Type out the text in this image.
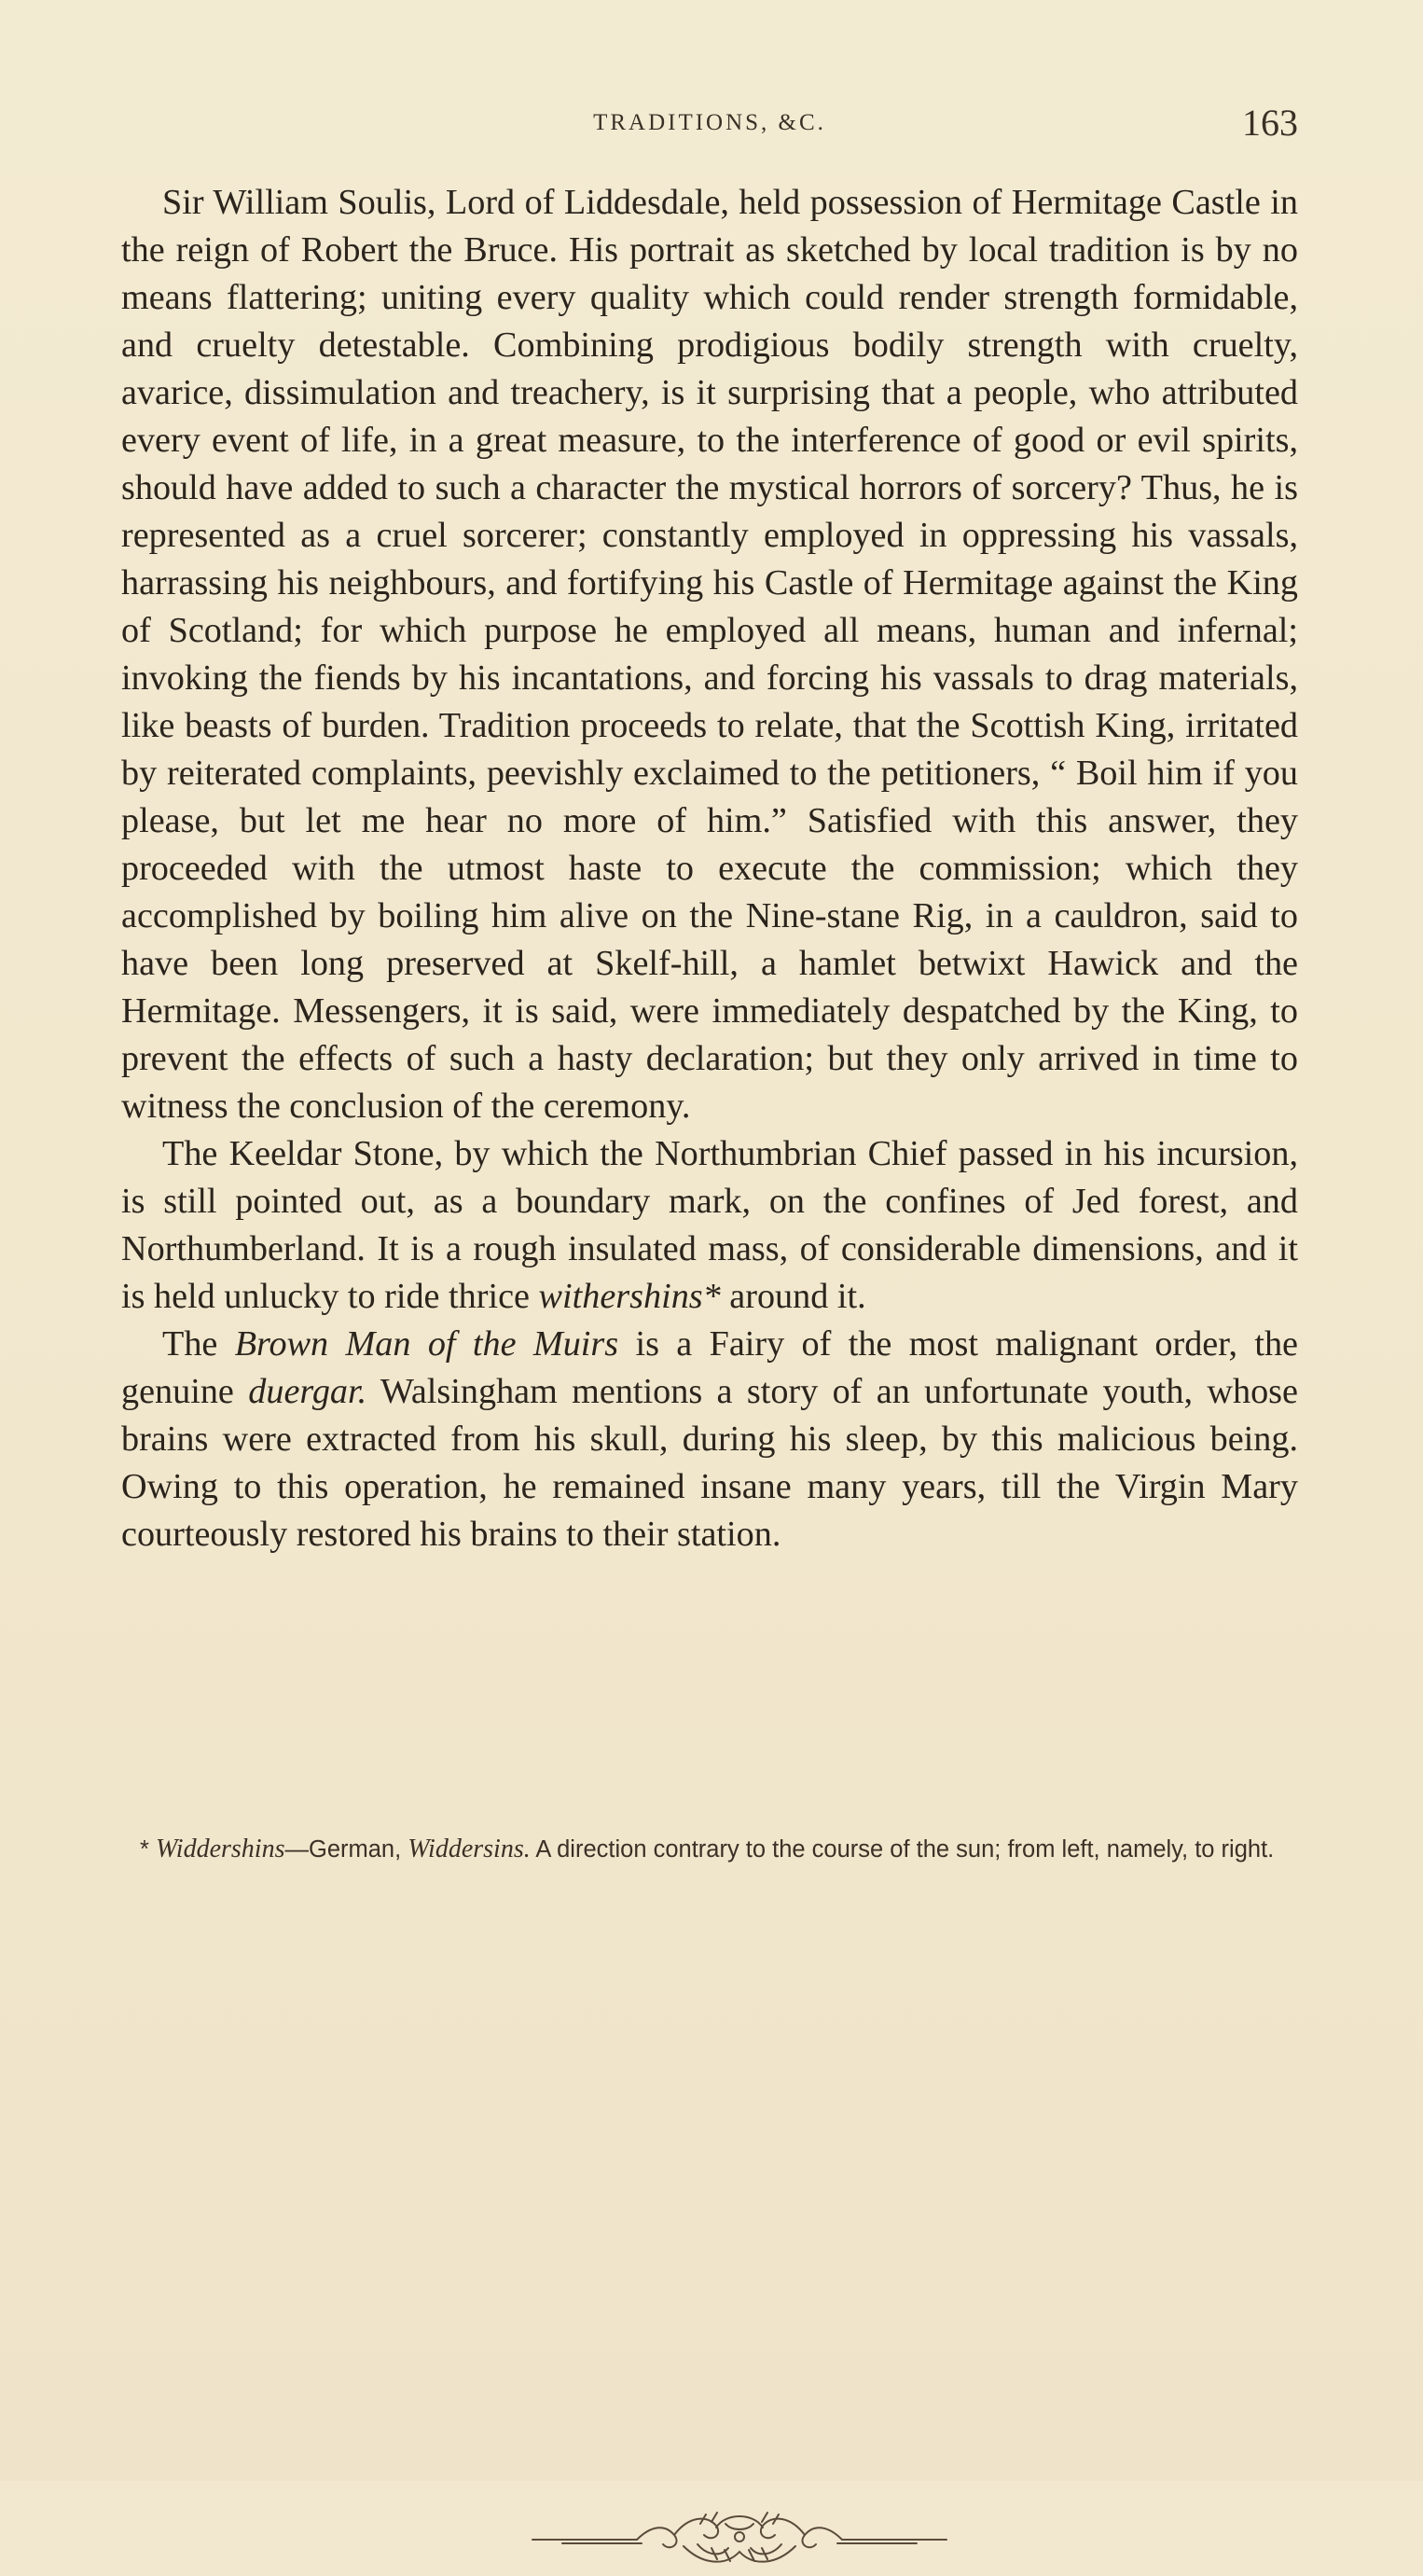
TRADITIONS, &C.	163

Sir William Soulis, Lord of Liddesdale, held possession of Hermitage Castle in the reign of Robert the Bruce. His portrait as sketched by local tradition is by no means flattering; uniting every quality which could render strength formidable, and cruelty detestable. Combining prodigious bodily strength with cruelty, avarice, dissimulation and treachery, is it surprising that a people, who attributed every event of life, in a great measure, to the interference of good or evil spirits, should have added to such a character the mystical horrors of sorcery? Thus, he is represented as a cruel sorcerer; constantly employed in oppressing his vassals, harrassing his neighbours, and fortifying his Castle of Hermitage against the King of Scotland; for which purpose he employed all means, human and infernal; invoking the fiends by his incantations, and forcing his vassals to drag materials, like beasts of burden. Tradition proceeds to relate, that the Scottish King, irritated by reiterated complaints, peevishly exclaimed to the petitioners, “ Boil him if you please, but let me hear no more of him.” Satisfied with this answer, they proceeded with the utmost haste to execute the commission; which they accomplished by boiling him alive on the Nine-stane Rig, in a cauldron, said to have been long preserved at Skelf-hill, a hamlet betwixt Hawick and the Hermitage. Messengers, it is said, were immediately despatched by the King, to prevent the effects of such a hasty declaration; but they only arrived in time to witness the conclusion of the ceremony.

The Keeldar Stone, by which the Northumbrian Chief passed in his incursion, is still pointed out, as a boundary mark, on the confines of Jed forest, and Northumberland. It is a rough insulated mass, of considerable dimensions, and it is held unlucky to ride thrice withershins* around it.

The Brown Man of the Muirs is a Fairy of the most malignant order, the genuine duergar. Walsingham mentions a story of an unfortunate youth, whose brains were extracted from his skull, during his sleep, by this malicious being. Owing to this operation, he remained insane many years, till the Virgin Mary courteously restored his brains to their station.

* Widdershins—German, Widdersins. A direction contrary to the course of the sun; from left, namely, to right.
